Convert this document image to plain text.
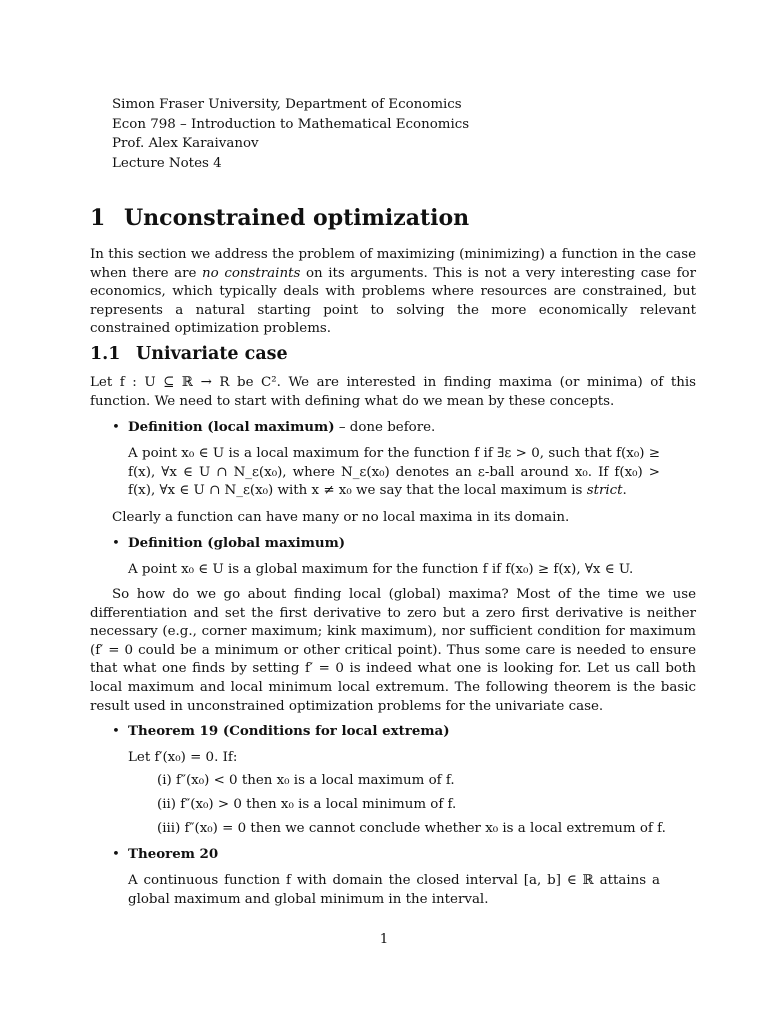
Simon Fraser University, Department of Economics
Econ 798 – Introduction to Mathematical Economics
Prof. Alex Karaivanov
Lecture Notes 4
1 Unconstrained optimization
In this section we address the problem of maximizing (minimizing) a function in the case when there are no constraints on its arguments. This is not a very interesting case for economics, which typically deals with problems where resources are constrained, but represents a natural starting point to solving the more economically relevant constrained optimization problems.
1.1 Univariate case
Let f : U ⊆ ℝ → R be C². We are interested in finding maxima (or minima) of this function. We need to start with defining what do we mean by these concepts.
• Definition (local maximum) – done before.
A point x₀ ∈ U is a local maximum for the function f if ∃ε > 0, such that f(x₀) ≥ f(x), ∀x ∈ U ∩ N_ε(x₀), where N_ε(x₀) denotes an ε-ball around x₀. If f(x₀) > f(x), ∀x ∈ U ∩ N_ε(x₀) with x ≠ x₀ we say that the local maximum is strict.
Clearly a function can have many or no local maxima in its domain.
• Definition (global maximum)
A point x₀ ∈ U is a global maximum for the function f if f(x₀) ≥ f(x), ∀x ∈ U.
So how do we go about finding local (global) maxima? Most of the time we use differentiation and set the first derivative to zero but a zero first derivative is neither necessary (e.g., corner maximum; kink maximum), nor sufficient condition for maximum (f′ = 0 could be a minimum or other critical point). Thus some care is needed to ensure that what one finds by setting f′ = 0 is indeed what one is looking for. Let us call both local maximum and local minimum local extremum. The following theorem is the basic result used in unconstrained optimization problems for the univariate case.
• Theorem 19 (Conditions for local extrema)
Let f′(x₀) = 0. If:
(i) f″(x₀) < 0 then x₀ is a local maximum of f.
(ii) f″(x₀) > 0 then x₀ is a local minimum of f.
(iii) f″(x₀) = 0 then we cannot conclude whether x₀ is a local extremum of f.
• Theorem 20
A continuous function f with domain the closed interval [a, b] ∈ ℝ attains a global maximum and global minimum in the interval.
1
